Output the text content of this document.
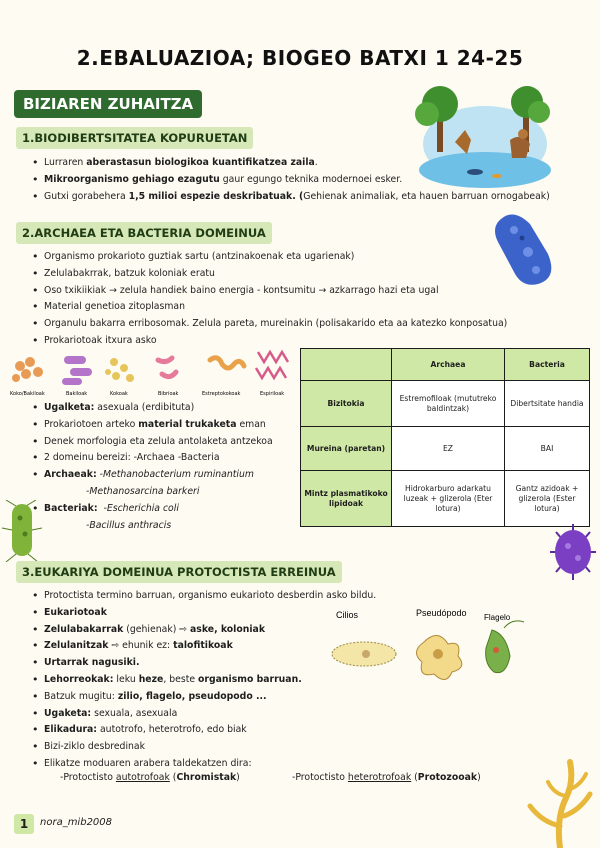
2.EBALUAZIOA; BIOGEO BATXI 1 24-25
BIZIAREN ZUHAITZA
1.BIODIBERTSITATEA KOPURUETAN
• Lurraren aberastasun biologikoa kuantifikatzea zaila.
• Mikroorganismo gehiago ezagutu gaur egungo teknika modernoei esker.
• Gutxi gorabehera 1,5 milioi espezie deskribatuak. (Gehienak animaliak, eta hauen barruan ornogabeak)
2.ARCHAEA ETA BACTERIA DOMEINUA
• Organismo prokarioto guztiak sartu (antzinakoenak eta ugarienak)
• Zelulabakrrak, batzuk koloniak eratu
• Oso txikiikiak → zelula handiek baino energia - kontsumitu → azkarrago hazi eta ugal
• Material genetioa zitoplasman
• Organulu bakarra erribosomak. Zelula pareta, mureinakin (polisakarido eta aa katezko konposatua)
• Prokariotoak itxura asko
Koko/Bakiloak	Bakiloak	Kokoak	Bibrioak	Estreptokokoak	Espiriloak
• Ugalketa: asexuala (erdibituta)
• Prokariotoen arteko material trukaketa eman
• Denek morfologia eta zelula antolaketa antzekoa
• 2 domeinu bereizi: -Archaea -Bacteria
• Archaeak: -Methanobacterium ruminantium
-Methanosarcina barkeri
• Bacteriak: -Escherichia coli
-Bacillus anthracis
	Archaea	Bacteria
Bizitokia	Estremofiloak (mututreko baldintzak)	Dibertsitate handia
Mureina (paretan)	EZ	BAI
Mintz plasmatikoko lipidoak	Hidrokarburo adarkatu luzeak + glizerola (Eter lotura)	Gantz azidoak + glizerola (Ester lotura)
3.EUKARIYA DOMEINUA PROTOCTISTA ERREINUA
• Protoctista termino barruan, organismo eukarioto desberdin asko bildu.
• Eukariotoak
• Zelulabakarrak (gehienak) ⇨ aske, koloniak
• Zelulanitzak ⇨ ehunik ez: talofitikoak
• Urtarrak nagusiki.
• Lehorreokak: leku heze, beste organismo barruan.
• Batzuk mugitu: zilio, flagelo, pseudopodo ...
• Ugaketa: sexuala, asexuala
• Elikadura: autotrofo, heterotrofo, edo biak
• Bizi-ziklo desbredinak
• Elikatze moduaren arabera taldekatzen dira:
-Protoctisto autotrofoak (Chromistak)	-Protoctisto heterotrofoak (Protozooak)
Cilios	Pseudópodo Flagelo
1	nora_mib2008
